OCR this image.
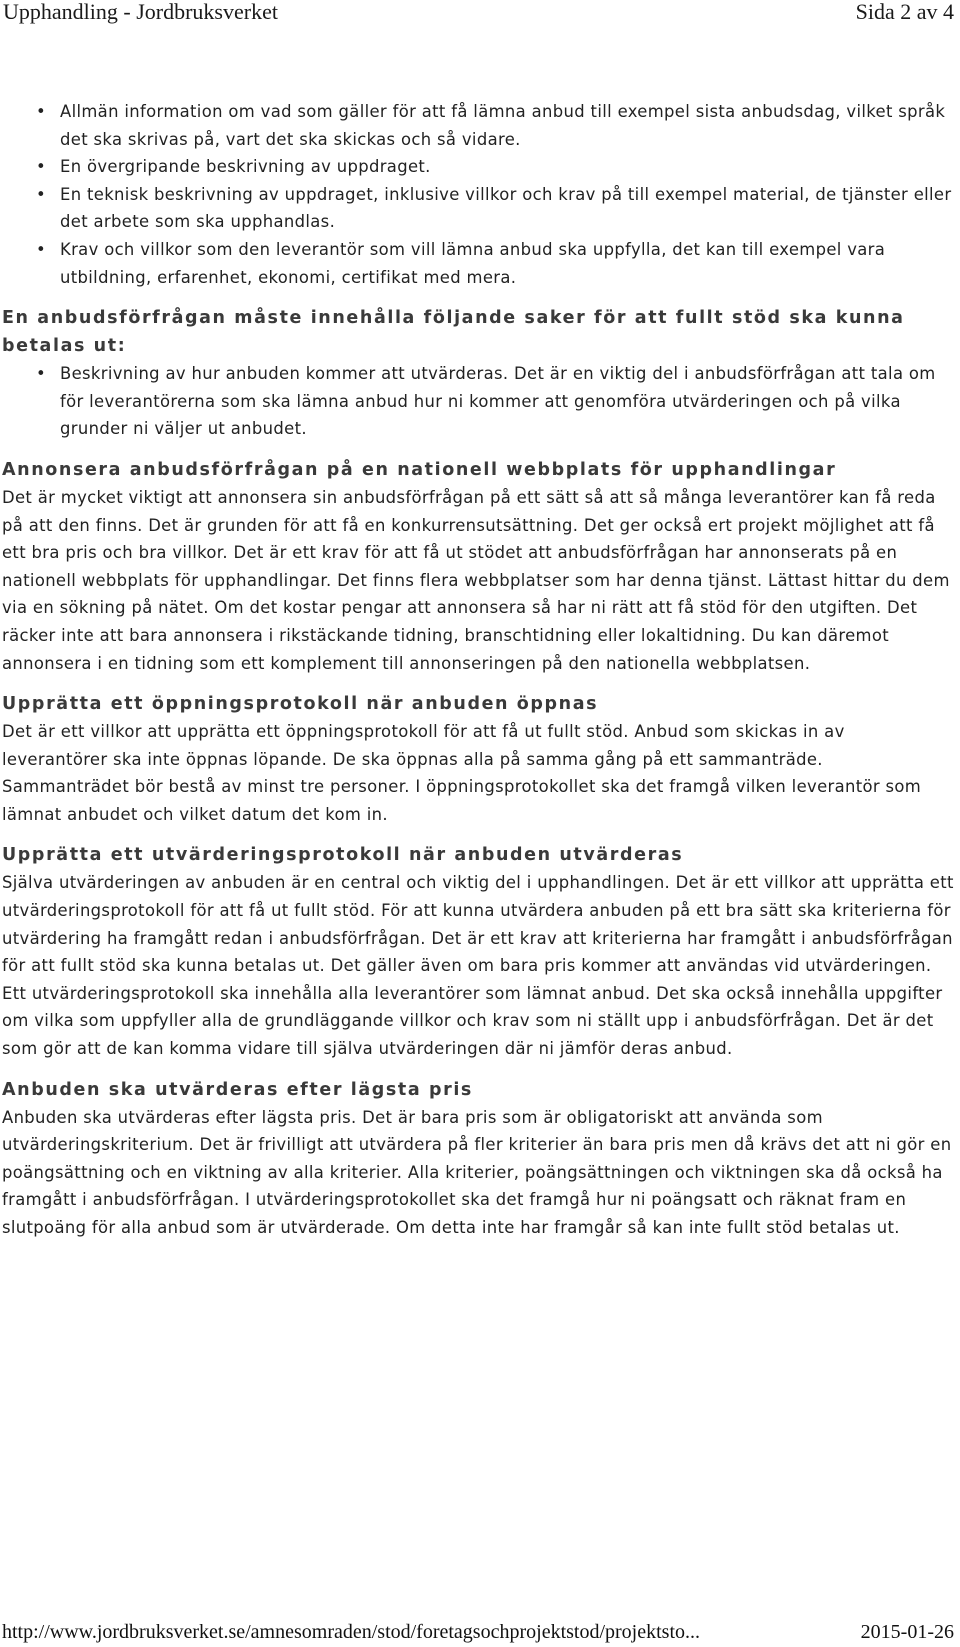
Upphandling - Jordbruksverket	Sida 2 av 4
• Allmän information om vad som gäller för att få lämna anbud till exempel sista anbudsdag, vilket språk det ska skrivas på, vart det ska skickas och så vidare.
• En övergripande beskrivning av uppdraget.
• En teknisk beskrivning av uppdraget, inklusive villkor och krav på till exempel material, de tjänster eller det arbete som ska upphandlas.
• Krav och villkor som den leverantör som vill lämna anbud ska uppfylla, det kan till exempel vara utbildning, erfarenhet, ekonomi, certifikat med mera.
En anbudsförfrågan måste innehålla följande saker för att fullt stöd ska kunna betalas ut:
• Beskrivning av hur anbuden kommer att utvärderas. Det är en viktig del i anbudsförfrågan att tala om för leverantörerna som ska lämna anbud hur ni kommer att genomföra utvärderingen och på vilka grunder ni väljer ut anbudet.
Annonsera anbudsförfrågan på en nationell webbplats för upphandlingar

Det är mycket viktigt att annonsera sin anbudsförfrågan på ett sätt så att så många leverantörer kan få reda på att den finns. Det är grunden för att få en konkurrensutsättning. Det ger också ert projekt möjlighet att få ett bra pris och bra villkor. Det är ett krav för att få ut stödet att anbudsförfrågan har annonserats på en nationell webbplats för upphandlingar. Det finns flera webbplatser som har denna tjänst. Lättast hittar du dem via en sökning på nätet. Om det kostar pengar att annonsera så har ni rätt att få stöd för den utgiften. Det räcker inte att bara annonsera i rikstäckande tidning, branschtidning eller lokaltidning. Du kan däremot annonsera i en tidning som ett komplement till annonseringen på den nationella webbplatsen.

Upprätta ett öppningsprotokoll när anbuden öppnas

Det är ett villkor att upprätta ett öppningsprotokoll för att få ut fullt stöd. Anbud som skickas in av leverantörer ska inte öppnas löpande. De ska öppnas alla på samma gång på ett sammanträde. Sammanträdet bör bestå av minst tre personer. I öppningsprotokollet ska det framgå vilken leverantör som lämnat anbudet och vilket datum det kom in.

Upprätta ett utvärderingsprotokoll när anbuden utvärderas

Själva utvärderingen av anbuden är en central och viktig del i upphandlingen. Det är ett villkor att upprätta ett utvärderingsprotokoll för att få ut fullt stöd. För att kunna utvärdera anbuden på ett bra sätt ska kriterierna för utvärdering ha framgått redan i anbudsförfrågan. Det är ett krav att kriterierna har framgått i anbudsförfrågan för att fullt stöd ska kunna betalas ut. Det gäller även om bara pris kommer att användas vid utvärderingen. Ett utvärderingsprotokoll ska innehålla alla leverantörer som lämnat anbud. Det ska också innehålla uppgifter om vilka som uppfyller alla de grundläggande villkor och krav som ni ställt upp i anbudsförfrågan. Det är det som gör att de kan komma vidare till själva utvärderingen där ni jämför deras anbud.

Anbuden ska utvärderas efter lägsta pris

Anbuden ska utvärderas efter lägsta pris. Det är bara pris som är obligatoriskt att använda som utvärderingskriterium. Det är frivilligt att utvärdera på fler kriterier än bara pris men då krävs det att ni gör en poängsättning och en viktning av alla kriterier. Alla kriterier, poängsättningen och viktningen ska då också ha framgått i anbudsförfrågan. I utvärderingsprotokollet ska det framgå hur ni poängsatt och räknat fram en slutpoäng för alla anbud som är utvärderade. Om detta inte har framgår så kan inte fullt stöd betalas ut.

http://www.jordbruksverket.se/amnesomraden/stod/foretagsochprojektstod/projektsto...	2015-01-26
